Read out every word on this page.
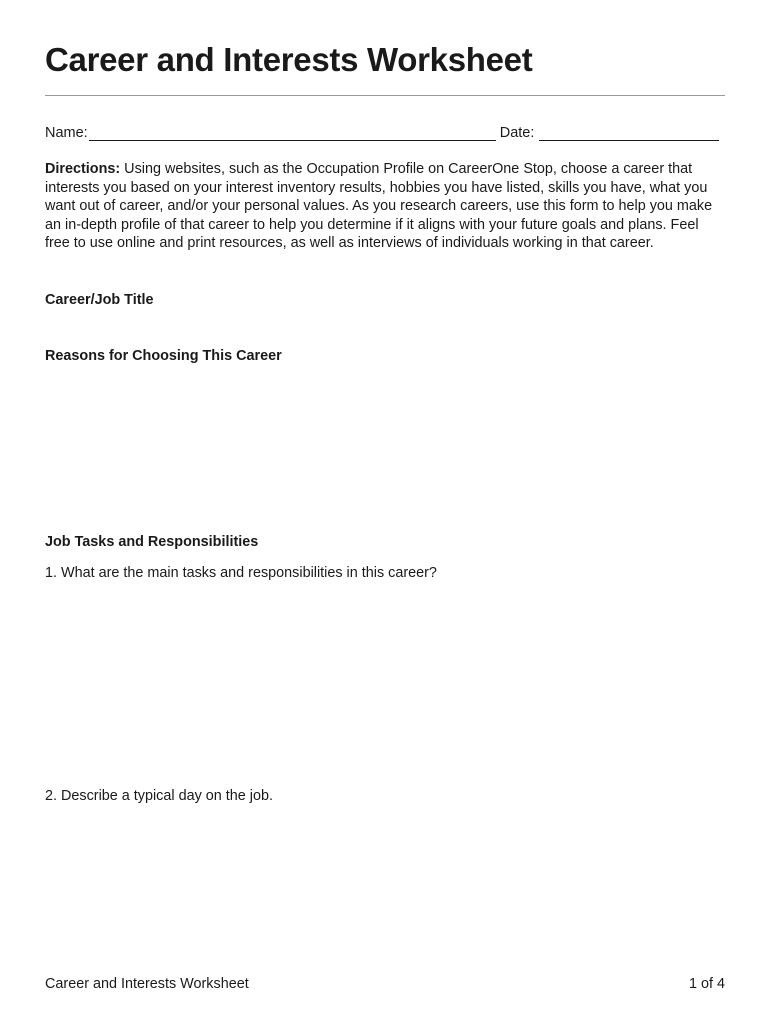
Career and Interests Worksheet
Name:	Date:

Directions: Using websites, such as the Occupation Profile on CareerOne Stop, choose a career that interests you based on your interest inventory results, hobbies you have listed, skills you have, what you want out of career, and/or your personal values. As you research careers, use this form to help you make an in-depth profile of that career to help you determine if it aligns with your future goals and plans. Feel free to use online and print resources, as well as interviews of individuals working in that career.

Career/Job Title
Reasons for Choosing This Career
Job Tasks and Responsibilities

1. What are the main tasks and responsibilities in this career?

2. Describe a typical day on the job.

Career and Interests Worksheet	1 of 4
